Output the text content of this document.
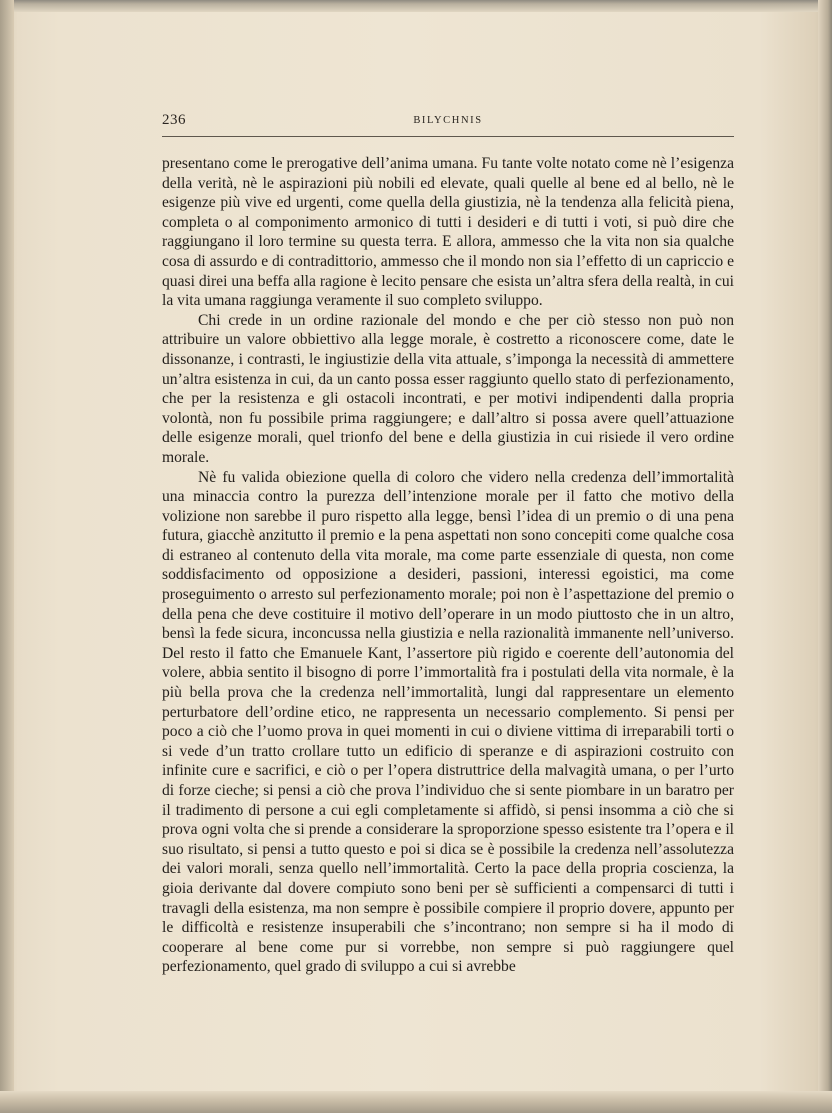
236	BILYCHNIS

presentano come le prerogative dell’anima umana. Fu tante volte notato come nè l’esigenza della verità, nè le aspirazioni più nobili ed elevate, quali quelle al bene ed al bello, nè le esigenze più vive ed urgenti, come quella della giustizia, nè la tendenza alla felicità piena, completa o al componimento armonico di tutti i desideri e di tutti i voti, si può dire che raggiungano il loro termine su questa terra. E allora, ammesso che la vita non sia qualche cosa di assurdo e di contradittorio, ammesso che il mondo non sia l’effetto di un capriccio e quasi direi una beffa alla ragione è lecito pensare che esista un’altra sfera della realtà, in cui la vita umana raggiunga veramente il suo completo sviluppo.

Chi crede in un ordine razionale del mondo e che per ciò stesso non può non attribuire un valore obbiettivo alla legge morale, è costretto a riconoscere come, date le dissonanze, i contrasti, le ingiustizie della vita attuale, s’imponga la necessità di ammettere un’altra esistenza in cui, da un canto possa esser raggiunto quello stato di perfezionamento, che per la resistenza e gli ostacoli incontrati, e per motivi indipendenti dalla propria volontà, non fu possibile prima raggiungere; e dall’altro si possa avere quell’attuazione delle esigenze morali, quel trionfo del bene e della giustizia in cui risiede il vero ordine morale.

Nè fu valida obiezione quella di coloro che videro nella credenza dell’immortalità una minaccia contro la purezza dell’intenzione morale per il fatto che motivo della volizione non sarebbe il puro rispetto alla legge, bensì l’idea di un premio o di una pena futura, giacchè anzitutto il premio e la pena aspettati non sono concepiti come qualche cosa di estraneo al contenuto della vita morale, ma come parte essenziale di questa, non come soddisfacimento od opposizione a desideri, passioni, interessi egoistici, ma come proseguimento o arresto sul perfezionamento morale; poi non è l’aspettazione del premio o della pena che deve costituire il motivo dell’operare in un modo piuttosto che in un altro, bensì la fede sicura, inconcussa nella giustizia e nella razionalità immanente nell’universo. Del resto il fatto che Emanuele Kant, l’assertore più rigido e coerente dell’autonomia del volere, abbia sentito il bisogno di porre l’immortalità fra i postulati della vita normale, è la più bella prova che la credenza nell’immortalità, lungi dal rappresentare un elemento perturbatore dell’ordine etico, ne rappresenta un necessario complemento. Si pensi per poco a ciò che l’uomo prova in quei momenti in cui o diviene vittima di irreparabili torti o si vede d’un tratto crollare tutto un edificio di speranze e di aspirazioni costruito con infinite cure e sacrifici, e ciò o per l’opera distruttrice della malvagità umana, o per l’urto di forze cieche; si pensi a ciò che prova l’individuo che si sente piombare in un baratro per il tradimento di persone a cui egli completamente si affidò, si pensi insomma a ciò che si prova ogni volta che si prende a considerare la sproporzione spesso esistente tra l’opera e il suo risultato, si pensi a tutto questo e poi si dica se è possibile la credenza nell’assolutezza dei valori morali, senza quello nell’immortalità. Certo la pace della propria coscienza, la gioia derivante dal dovere compiuto sono beni per sè sufficienti a compensarci di tutti i travagli della esistenza, ma non sempre è possibile compiere il proprio dovere, appunto per le difficoltà e resistenze insuperabili che s’incontrano; non sempre si ha il modo di cooperare al bene come pur si vorrebbe, non sempre si può raggiungere quel perfezionamento, quel grado di sviluppo a cui si avrebbe
